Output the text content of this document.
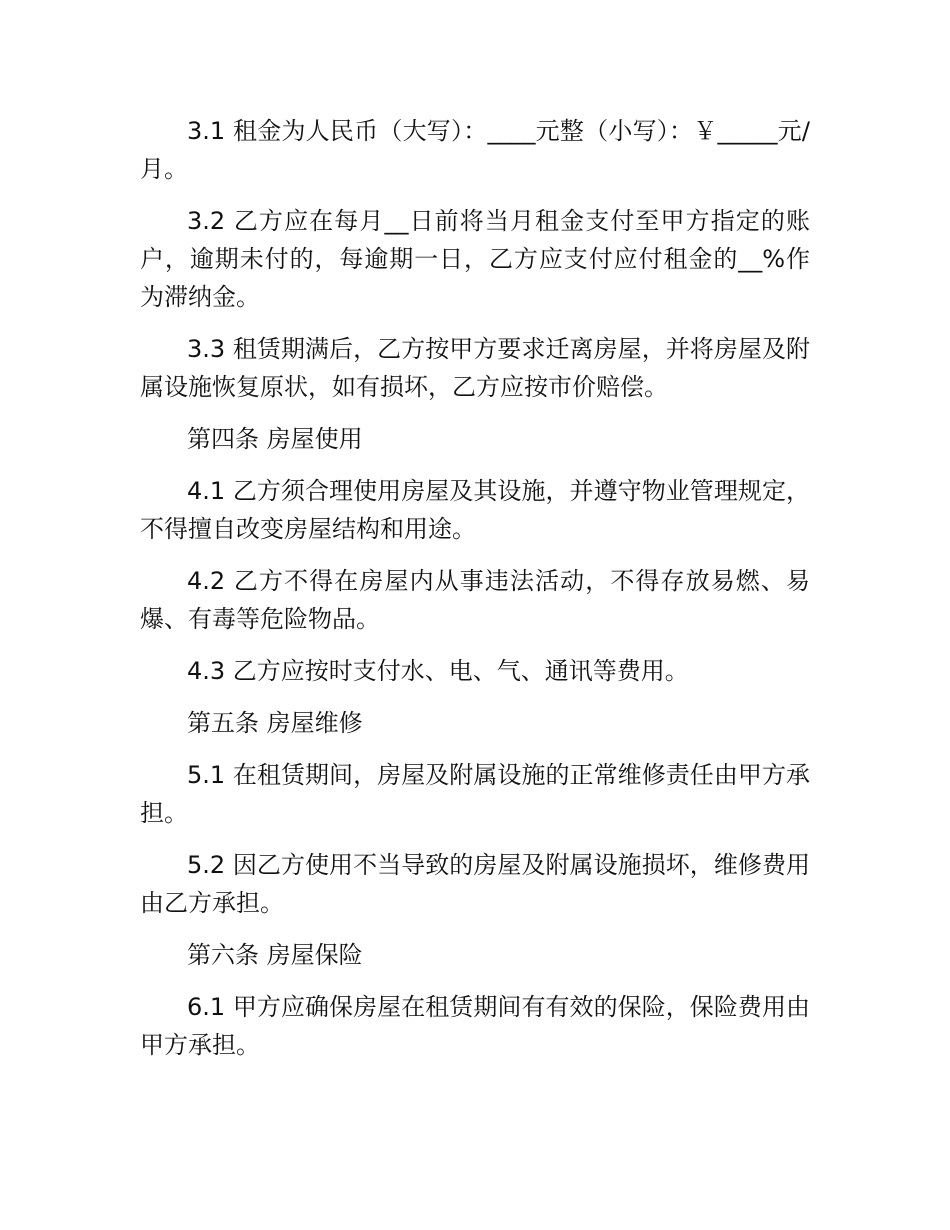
3.1 租金为人民币（大写）：____元整（小写）：￥_____元/月。

3.2 乙方应在每月__日前将当月租金支付至甲方指定的账户，逾期未付的，每逾期一日，乙方应支付应付租金的__%作为滞纳金。

3.3 租赁期满后，乙方按甲方要求迁离房屋，并将房屋及附属设施恢复原状，如有损坏，乙方应按市价赔偿。

第四条 房屋使用

4.1 乙方须合理使用房屋及其设施，并遵守物业管理规定，不得擅自改变房屋结构和用途。

4.2 乙方不得在房屋内从事违法活动，不得存放易燃、易爆、有毒等危险物品。

4.3 乙方应按时支付水、电、气、通讯等费用。

第五条 房屋维修

5.1 在租赁期间，房屋及附属设施的正常维修责任由甲方承担。

5.2 因乙方使用不当导致的房屋及附属设施损坏，维修费用由乙方承担。

第六条 房屋保险

6.1 甲方应确保房屋在租赁期间有有效的保险，保险费用由甲方承担。
